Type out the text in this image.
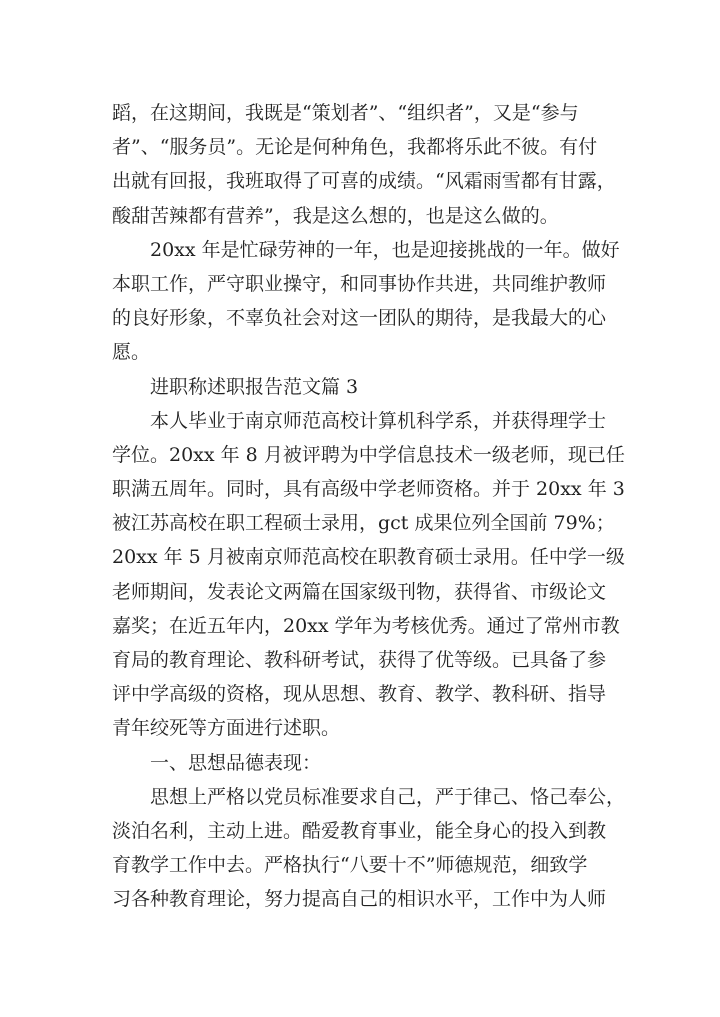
蹈，在这期间，我既是“策划者”、“组织者”，又是“参与
者”、“服务员”。无论是何种角色，我都将乐此不彼。有付
出就有回报，我班取得了可喜的成绩。“风霜雨雪都有甘露，
酸甜苦辣都有营养”，我是这么想的，也是这么做的。
20xx 年是忙碌劳神的一年，也是迎接挑战的一年。做好
本职工作，严守职业操守，和同事协作共进，共同维护教师
的良好形象，不辜负社会对这一团队的期待，是我最大的心
愿。
进职称述职报告范文篇 3
本人毕业于南京师范高校计算机科学系，并获得理学士
学位。20xx 年 8 月被评聘为中学信息技术一级老师，现已任
职满五周年。同时，具有高级中学老师资格。并于 20xx 年 3
被江苏高校在职工程硕士录用，gct 成果位列全国前 79%；
20xx 年 5 月被南京师范高校在职教育硕士录用。任中学一级
老师期间，发表论文两篇在国家级刊物，获得省、市级论文
嘉奖；在近五年内，20xx 学年为考核优秀。通过了常州市教
育局的教育理论、教科研考试，获得了优等级。已具备了参
评中学高级的资格，现从思想、教育、教学、教科研、指导
青年绞死等方面进行述职。
一、思想品德表现：
思想上严格以党员标准要求自己，严于律己、恪己奉公，
淡泊名利，主动上进。酷爱教育事业，能全身心的投入到教
育教学工作中去。严格执行“八要十不”师德规范，细致学
习各种教育理论，努力提高自己的相识水平，工作中为人师
